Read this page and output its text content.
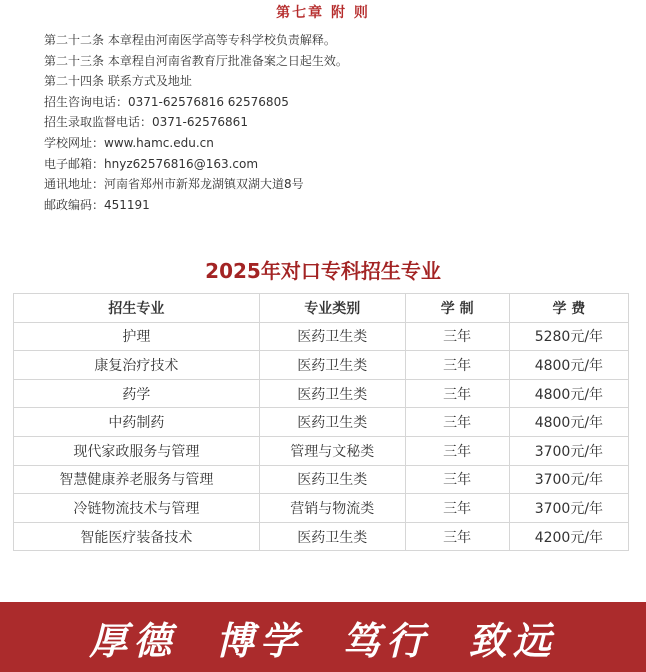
第七章 附 则
第二十二条 本章程由河南医学高等专科学校负责解释。
第二十三条 本章程自河南省教育厅批准备案之日起生效。
第二十四条 联系方式及地址
招生咨询电话：0371-62576816 62576805
招生录取监督电话：0371-62576861
学校网址：www.hamc.edu.cn
电子邮箱：hnyz62576816@163.com
通讯地址：河南省郑州市新郑龙湖镇双湖大道8号
邮政编码：451191
2025年对口专科招生专业
招生专业	专业类别	学 制	学 费
护理	医药卫生类	三年	5280元/年
康复治疗技术	医药卫生类	三年	4800元/年
药学	医药卫生类	三年	4800元/年
中药制药	医药卫生类	三年	4800元/年
现代家政服务与管理	管理与文秘类	三年	3700元/年
智慧健康养老服务与管理	医药卫生类	三年	3700元/年
冷链物流技术与管理	营销与物流类	三年	3700元/年
智能医疗装备技术	医药卫生类	三年	4200元/年
厚德  博学  笃行  致远
